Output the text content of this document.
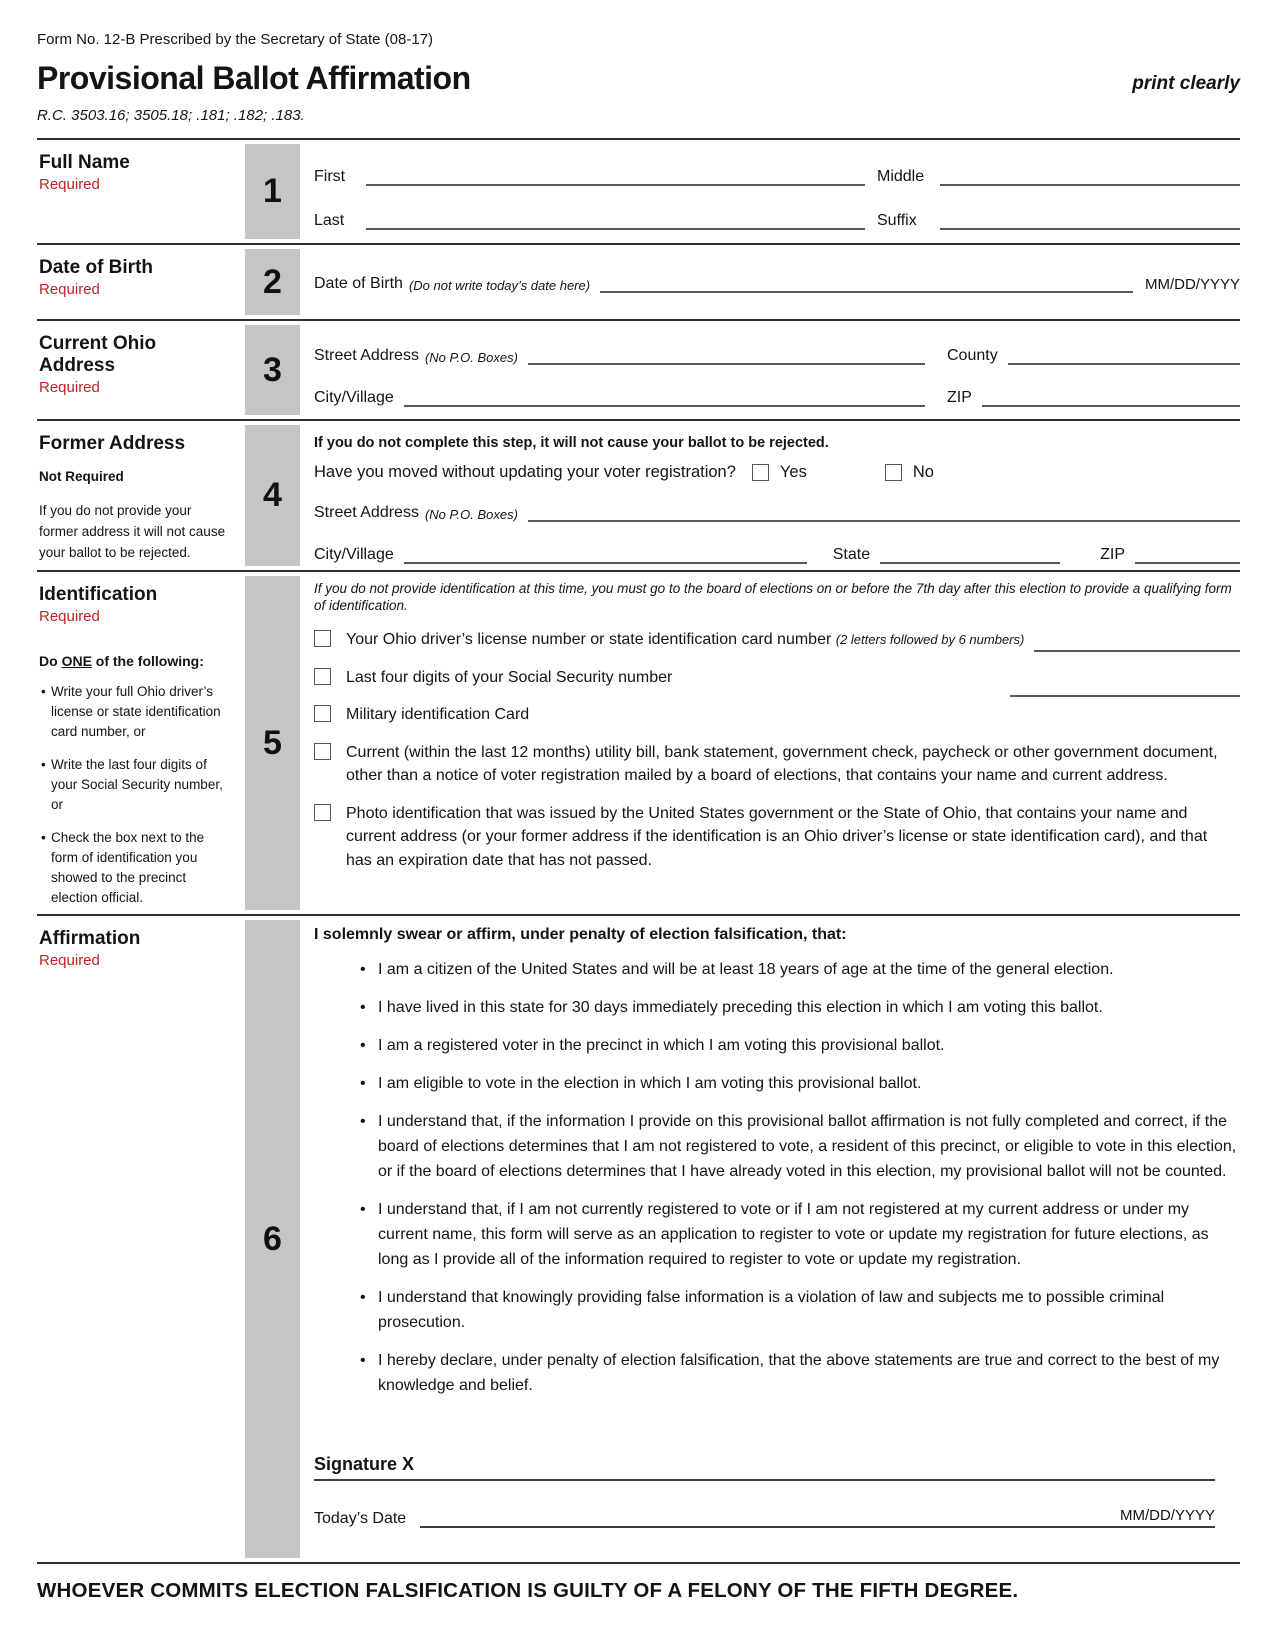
Form No. 12-B Prescribed by the Secretary of State (08-17)
Provisional Ballot Affirmation	print clearly
R.C. 3503.16; 3505.18; .181; .182; .183.
Full Name
Required	1	First	Middle
Last	Suffix
Date of Birth
Required	2	Date of Birth (Do not write today’s date here)	MM/DD/YYYY
Current Ohio Address
Required	3	Street Address (No P.O. Boxes)	County
City/Village	ZIP
Former Address
Not Required
If you do not provide your former address it will not cause your ballot to be rejected.
4
If you do not complete this step, it will not cause your ballot to be rejected.
Have you moved without updating your voter registration?	Yes	No
Street Address (No P.O. Boxes)
City/Village	State	ZIP
Identification
Required
Do ONE of the following:
• Write your full Ohio driver’s license or state identification card number, or
• Write the last four digits of your Social Security number, or
• Check the box next to the form of identification you showed to the precinct election official.
5
If you do not provide identification at this time, you must go to the board of elections on or before the 7th day after this election to provide a qualifying form of identification.
Your Ohio driver’s license number or state identification card number (2 letters followed by 6 numbers)
Last four digits of your Social Security number
Military identification Card
Current (within the last 12 months) utility bill, bank statement, government check, paycheck or other government document, other than a notice of voter registration mailed by a board of elections, that contains your name and current address.
Photo identification that was issued by the United States government or the State of Ohio, that contains your name and current address (or your former address if the identification is an Ohio driver’s license or state identification card), and that has an expiration date that has not passed.
Affirmation
Required
6
I solemnly swear or affirm, under penalty of election falsification, that:
• I am a citizen of the United States and will be at least 18 years of age at the time of the general election.
• I have lived in this state for 30 days immediately preceding this election in which I am voting this ballot.
• I am a registered voter in the precinct in which I am voting this provisional ballot.
• I am eligible to vote in the election in which I am voting this provisional ballot.
• I understand that, if the information I provide on this provisional ballot affirmation is not fully completed and correct, if the board of elections determines that I am not registered to vote, a resident of this precinct, or eligible to vote in this election, or if the board of elections determines that I have already voted in this election, my provisional ballot will not be counted.
• I understand that, if I am not currently registered to vote or if I am not registered at my current address or under my current name, this form will serve as an application to register to vote or update my registration for future elections, as long as I provide all of the information required to register to vote or update my registration.
• I understand that knowingly providing false information is a violation of law and subjects me to possible criminal prosecution.
• I hereby declare, under penalty of election falsification, that the above statements are true and correct to the best of my knowledge and belief.
Signature X
Today’s Date	MM/DD/YYYY
WHOEVER COMMITS ELECTION FALSIFICATION IS GUILTY OF A FELONY OF THE FIFTH DEGREE.
